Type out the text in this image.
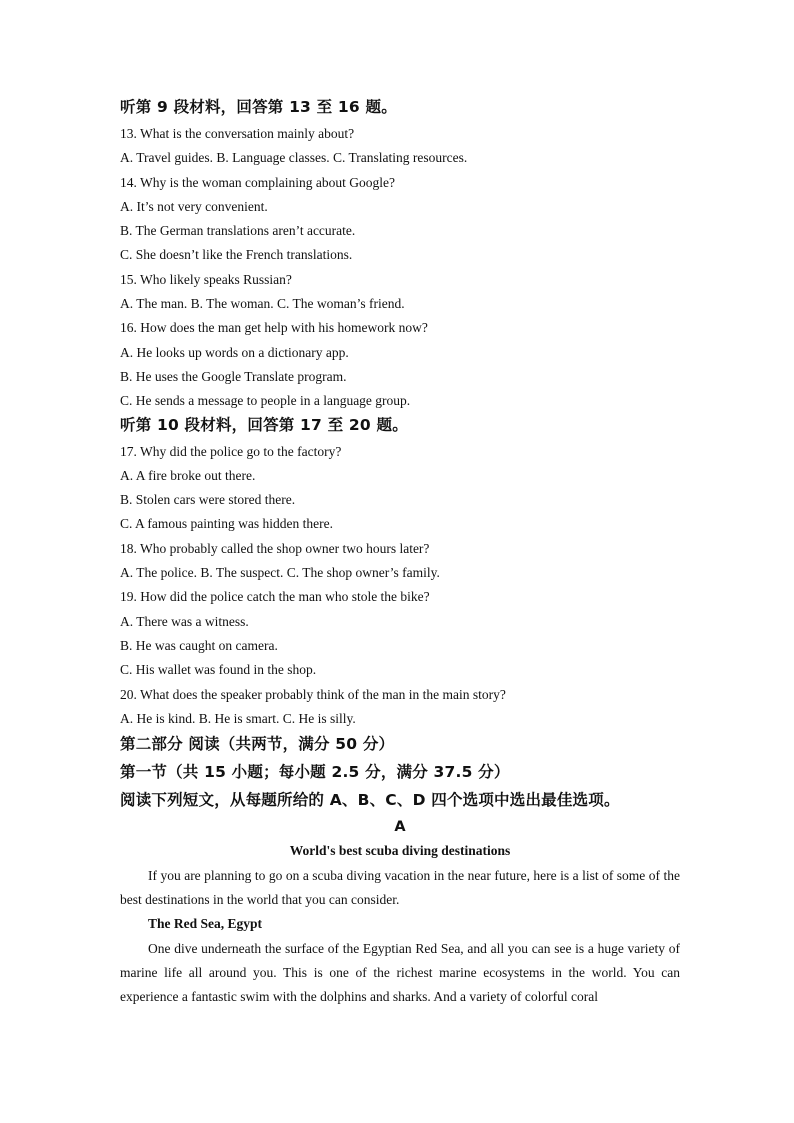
听第 9 段材料，回答第 13 至 16 题。
13. What is the conversation mainly about?
A. Travel guides. B. Language classes. C. Translating resources.
14. Why is the woman complaining about Google?
A. It’s not very convenient.
B. The German translations aren’t accurate.
C. She doesn’t like the French translations.
15. Who likely speaks Russian?
A. The man. B. The woman. C. The woman’s friend.
16. How does the man get help with his homework now?
A. He looks up words on a dictionary app.
B. He uses the Google Translate program.
C. He sends a message to people in a language group.
听第 10 段材料，回答第 17 至 20 题。
17. Why did the police go to the factory?
A. A fire broke out there.
B. Stolen cars were stored there.
C. A famous painting was hidden there.
18. Who probably called the shop owner two hours later?
A. The police. B. The suspect. C. The shop owner’s family.
19. How did the police catch the man who stole the bike?
A. There was a witness.
B. He was caught on camera.
C. His wallet was found in the shop.
20. What does the speaker probably think of the man in the main story?
A. He is kind. B. He is smart. C. He is silly.
第二部分 阅读（共两节，满分 50 分）
第一节（共 15 小题；每小题 2.5 分，满分 37.5 分）
阅读下列短文，从每题所给的 A、B、C、D 四个选项中选出最佳选项。
A
World's best scuba diving destinations

If you are planning to go on a scuba diving vacation in the near future, here is a list of some of the best destinations in the world that you can consider.

The Red Sea, Egypt

One dive underneath the surface of the Egyptian Red Sea, and all you can see is a huge variety of marine life all around you. This is one of the richest marine ecosystems in the world. You can experience a fantastic swim with the dolphins and sharks. And a variety of colorful coral
